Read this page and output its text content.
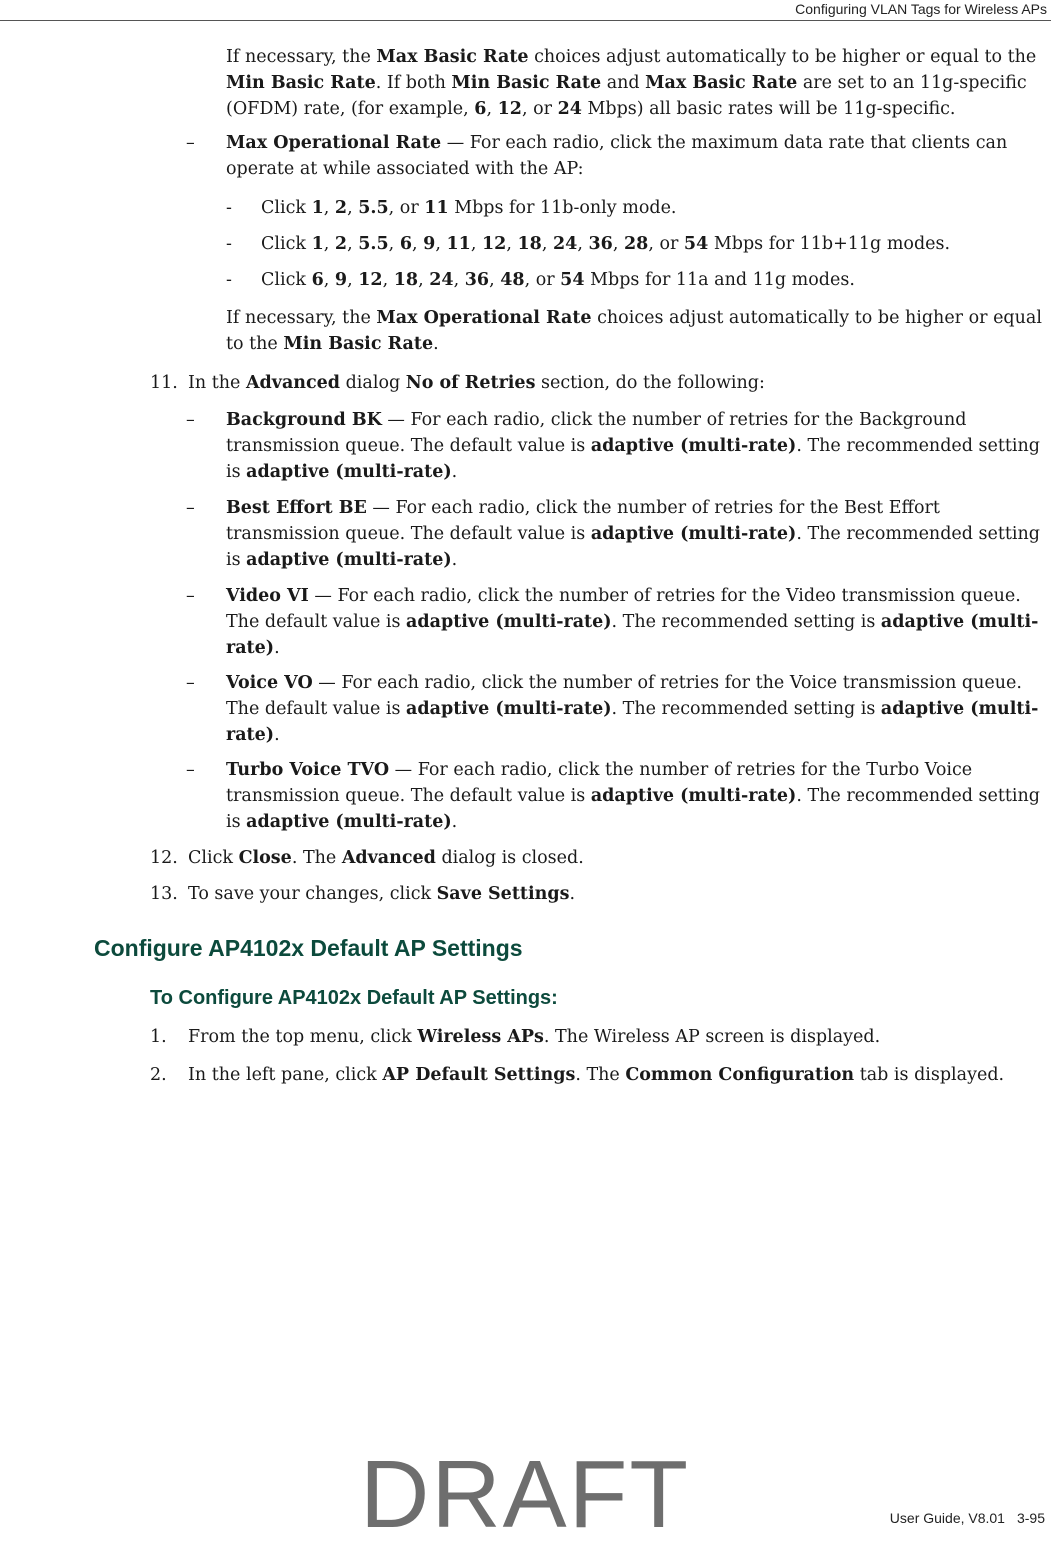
Configuring VLAN Tags for Wireless APs
If necessary, the Max Basic Rate choices adjust automatically to be higher or equal to the
Min Basic Rate. If both Min Basic Rate and Max Basic Rate are set to an 11g-specific
(OFDM) rate, (for example, 6, 12, or 24 Mbps) all basic rates will be 11g-specific.
– Max Operational Rate — For each radio, click the maximum data rate that clients can
operate at while associated with the AP:
- Click 1, 2, 5.5, or 11 Mbps for 11b-only mode.
- Click 1, 2, 5.5, 6, 9, 11, 12, 18, 24, 36, 28, or 54 Mbps for 11b+11g modes.
- Click 6, 9, 12, 18, 24, 36, 48, or 54 Mbps for 11a and 11g modes.
If necessary, the Max Operational Rate choices adjust automatically to be higher or equal
to the Min Basic Rate.
11. In the Advanced dialog No of Retries section, do the following:
– Background BK — For each radio, click the number of retries for the Background
transmission queue. The default value is adaptive (multi-rate). The recommended setting
is adaptive (multi-rate).
– Best Effort BE — For each radio, click the number of retries for the Best Effort
transmission queue. The default value is adaptive (multi-rate). The recommended setting
is adaptive (multi-rate).
– Video VI — For each radio, click the number of retries for the Video transmission queue.
The default value is adaptive (multi-rate). The recommended setting is adaptive (multi-
rate).
– Voice VO — For each radio, click the number of retries for the Voice transmission queue.
The default value is adaptive (multi-rate). The recommended setting is adaptive (multi-
rate).
– Turbo Voice TVO — For each radio, click the number of retries for the Turbo Voice
transmission queue. The default value is adaptive (multi-rate). The recommended setting
is adaptive (multi-rate).
12. Click Close. The Advanced dialog is closed.
13. To save your changes, click Save Settings.
Configure AP4102x Default AP Settings
To Configure AP4102x Default AP Settings:
1. From the top menu, click Wireless APs. The Wireless AP screen is displayed.
2. In the left pane, click AP Default Settings. The Common Configuration tab is displayed.
User Guide, V8.01 3-95
DRAFT
